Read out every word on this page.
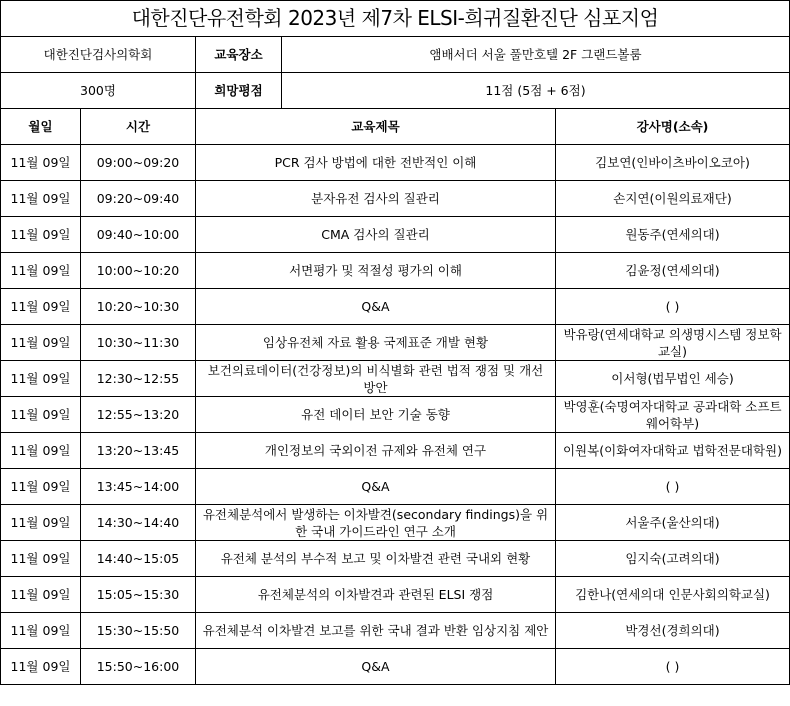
대한진단유전학회 2023년 제7차 ELSI-희귀질환진단 심포지엄			
대한진단검사의학회		교육장소 앰배서더 서울 풀만호텔 2F 그랜드볼룸	

300명		희망평점 11점 (5점 + 6점)	

월일	시간	교육제목	강사명(소속)
11월 09일	09:00~09:20	PCR 검사 방법에 대한 전반적인 이해	김보연(인바이츠바이오코아)
11월 09일	09:20~09:40	분자유전 검사의 질관리	손지연(이원의료재단)
11월 09일	09:40~10:00	CMA 검사의 질관리	원동주(연세의대)
11월 09일	10:00~10:20	서면평가 및 적절성 평가의 이해	김윤정(연세의대)
11월 09일	10:20~10:30	Q&A	( )
11월 09일	10:30~11:30	임상유전체 자료 활용 국제표준 개발 현황	박유랑(연세대학교 의생명시스템 정보학교실)
11월 09일	12:30~12:55	보건의료데이터(건강정보)의 비식별화 관련 법적 쟁점 및 개선 방안	이서형(법무법인 세승)
11월 09일	12:55~13:20	유전 데이터 보안 기술 동향	박영훈(숙명여자대학교 공과대학 소프트웨어학부)
11월 09일	13:20~13:45	개인정보의 국외이전 규제와 유전체 연구	이원복(이화여자대학교 법학전문대학원)
11월 09일	13:45~14:00	Q&A	( )
11월 09일	14:30~14:40	유전체분석에서 발생하는 이차발견(secondary findings)을 위한 국내 가이드라인 연구 소개	서울주(울산의대)
11월 09일	14:40~15:05	유전체 분석의 부수적 보고 및 이차발견 관련 국내외 현황	임지숙(고려의대)
11월 09일	15:05~15:30	유전체분석의 이차발견과 관련된 ELSI 쟁점	김한나(연세의대 인문사회의학교실)
11월 09일	15:30~15:50	유전체분석 이차발견 보고를 위한 국내 결과 반환 임상지침 제안	박경선(경희의대)
11월 09일	15:50~16:00	Q&A	( )
